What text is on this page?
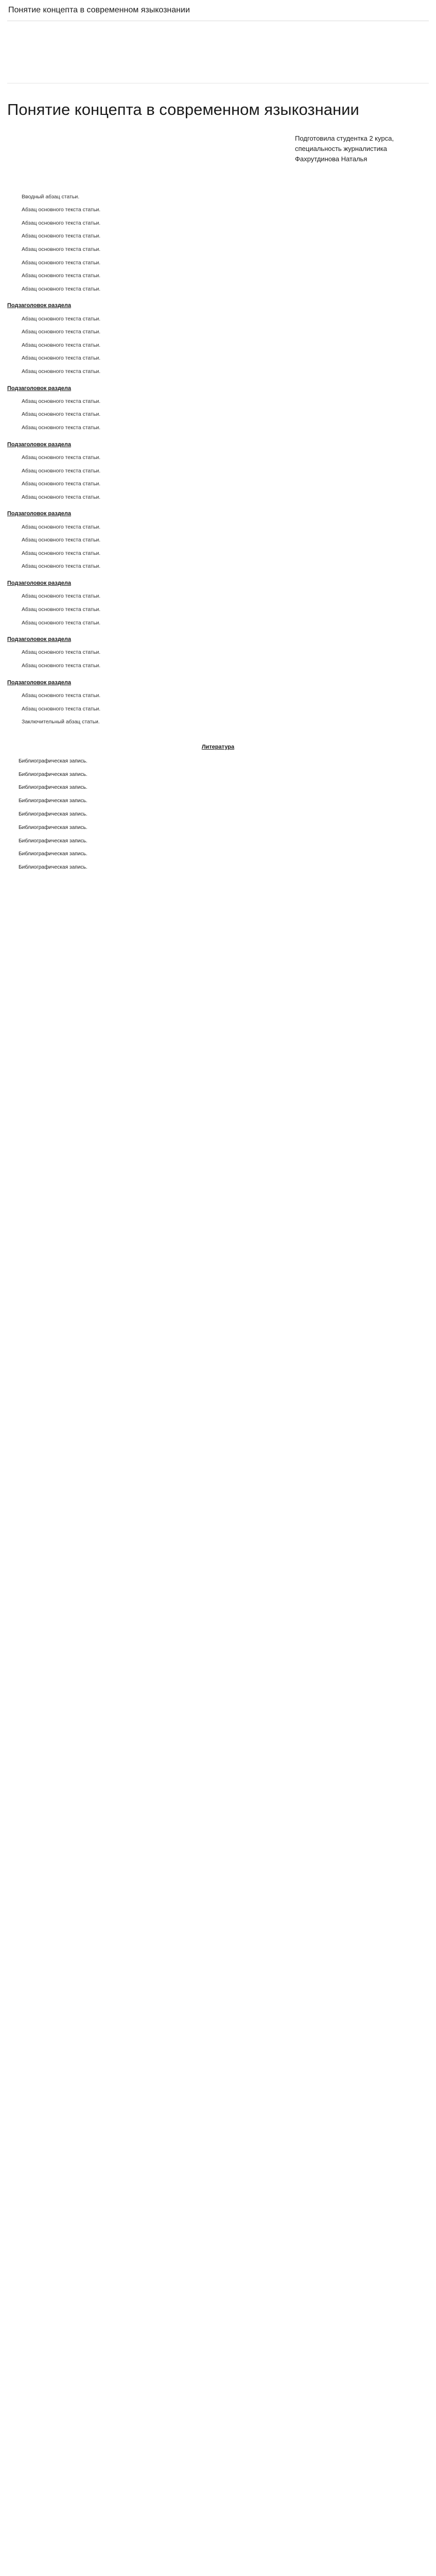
Понятие концепта в современном языкознании
Понятие концепта в современном языкознании
Подготовила студентка 2 курса,
специальность журналистика
Фахрутдинова Наталья
Вводный абзац статьи.
Абзац основного текста статьи.
Абзац основного текста статьи.
Абзац основного текста статьи.
Абзац основного текста статьи.
Абзац основного текста статьи.
Абзац основного текста статьи.
Абзац основного текста статьи.
Подзаголовок раздела
Абзац основного текста статьи.
Абзац основного текста статьи.
Абзац основного текста статьи.
Абзац основного текста статьи.
Абзац основного текста статьи.
Подзаголовок раздела
Абзац основного текста статьи.
Абзац основного текста статьи.
Абзац основного текста статьи.
Подзаголовок раздела
Абзац основного текста статьи.
Абзац основного текста статьи.
Абзац основного текста статьи.
Абзац основного текста статьи.
Подзаголовок раздела
Абзац основного текста статьи.
Абзац основного текста статьи.
Абзац основного текста статьи.
Абзац основного текста статьи.
Подзаголовок раздела
Абзац основного текста статьи.
Абзац основного текста статьи.
Абзац основного текста статьи.
Подзаголовок раздела
Абзац основного текста статьи.
Абзац основного текста статьи.
Подзаголовок раздела
Абзац основного текста статьи.
Абзац основного текста статьи.
Заключительный абзац статьи.
Литература
Библиографическая запись.
Библиографическая запись.
Библиографическая запись.
Библиографическая запись.
Библиографическая запись.
Библиографическая запись.
Библиографическая запись.
Библиографическая запись.
Библиографическая запись.
